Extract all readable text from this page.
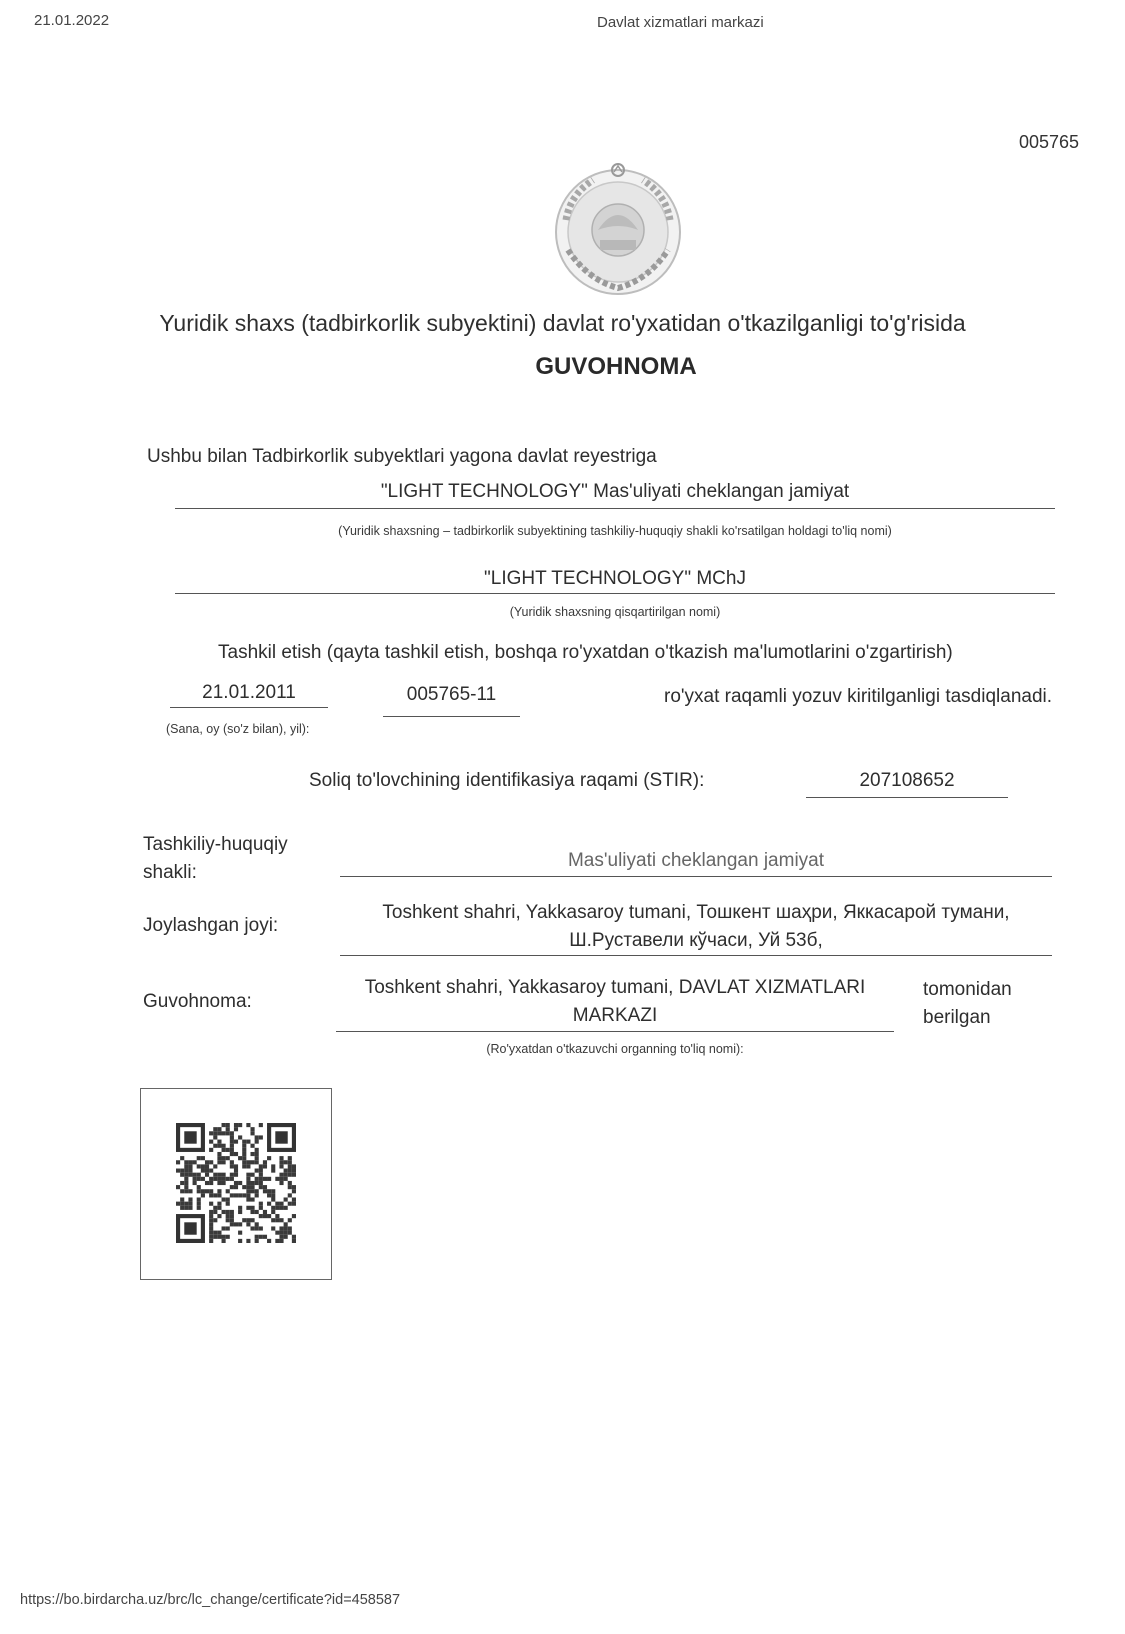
21.01.2022	Davlat xizmatlari markazi
005765
Yuridik shaxs (tadbirkorlik subyektini) davlat ro'yxatidan o'tkazilganligi to'g'risida
GUVOHNOMA
Ushbu bilan Tadbirkorlik subyektlari yagona davlat reyestriga
"LIGHT TECHNOLOGY" Mas'uliyati cheklangan jamiyat
(Yuridik shaxsning – tadbirkorlik subyektining tashkiliy-huquqiy shakli ko'rsatilgan holdagi to'liq nomi)
"LIGHT TECHNOLOGY" MChJ
(Yuridik shaxsning qisqartirilgan nomi)
Tashkil etish (qayta tashkil etish, boshqa ro'yxatdan o'tkazish ma'lumotlarini o'zgartirish)
21.01.2011	005765-11	ro'yxat raqamli yozuv kiritilganligi tasdiqlanadi.
(Sana, oy (so'z bilan), yil):
Soliq to'lovchining identifikasiya raqami (STIR):	207108652
Tashkiliy-huquqiy
shakli:
Mas'uliyati cheklangan jamiyat
Joylashgan joyi:
Toshkent shahri, Yakkasaroy tumani, Тошкент шаҳри, Яккасарой тумани,
Ш.Руставели кўчаси, Уй 53б,
Guvohnoma:
Toshkent shahri, Yakkasaroy tumani, DAVLAT XIZMATLARI
MARKAZI
tomonidan
berilgan
(Ro'yxatdan o'tkazuvchi organning to'liq nomi):
https://bo.birdarcha.uz/brc/lc_change/certificate?id=458587
